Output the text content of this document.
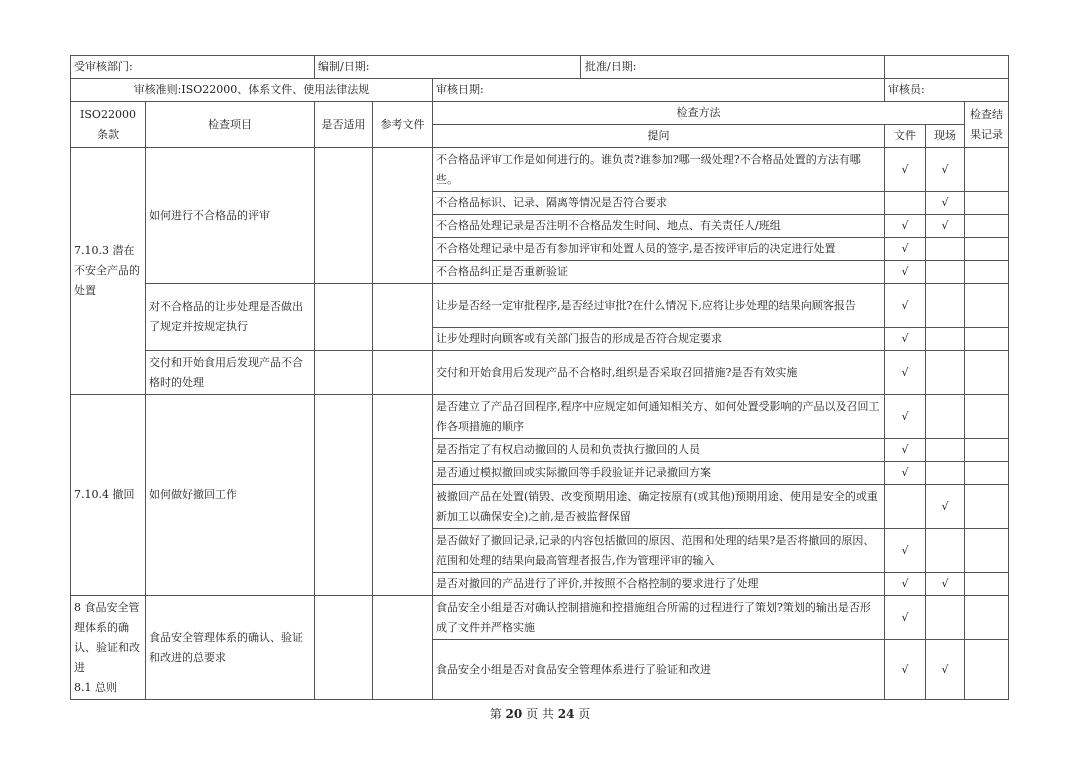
受审核部门:		编制/日期: 批准/日期:					

审核准则:ISO22000、体系文件、使用法律法规				审核日期:	审核员:		
ISO22000 条款	检查项目	是否适用	参考文件	检查方法			检查结果记录
				提问	文件	现场	
7.10.3 潜在不安全产品的处置	如何进行不合格品的评审			不合格品评审工作是如何进行的。谁负责?谁参加?哪一级处理?不合格品处置的方法有哪些。	√	√	
				不合格品标识、记录、隔离等情况是否符合要求		√	
				不合格品处理记录是否注明不合格品发生时间、地点、有关责任人/班组	√	√	
				不合格处理记录中是否有参加评审和处置人员的签字,是否按评审后的决定进行处置	√		
				不合格品纠正是否重新验证	√		
	对不合格品的让步处理是否做出了规定并按规定执行			让步是否经一定审批程序,是否经过审批?在什么情况下,应将让步处理的结果向顾客报告	√		
				让步处理时向顾客或有关部门报告的形成是否符合规定要求	√		
	交付和开始食用后发现产品不合格时的处理			交付和开始食用后发现产品不合格时,组织是否采取召回措施?是否有效实施	√		
7.10.4 撤回	如何做好撤回工作			是否建立了产品召回程序,程序中应规定如何通知相关方、如何处置受影响的产品以及召回工作各项措施的顺序	√		
				是否指定了有权启动撤回的人员和负责执行撤回的人员	√		
				是否通过模拟撤回或实际撤回等手段验证并记录撤回方案	√		
				被撤回产品在处置(销毁、改变预期用途、确定按原有(或其他)预期用途、使用是安全的或重新加工以确保安全)之前,是否被监督保留		√	
				是否做好了撤回记录,记录的内容包括撤回的原因、范围和处理的结果?是否将撤回的原因、范围和处理的结果向最高管理者报告,作为管理评审的输入	√		
				是否对撤回的产品进行了评价,并按照不合格控制的要求进行了处理	√	√	
8 食品安全管理体系的确认、验证和改进
8.1 总则	食品安全管理体系的确认、验证和改进的总要求			食品安全小组是否对确认控制措施和控措施组合所需的过程进行了策划?策划的输出是否形成了文件并严格实施	√		
				食品安全小组是否对食品安全管理体系进行了验证和改进	√	√	
第 20 页 共 24 页
